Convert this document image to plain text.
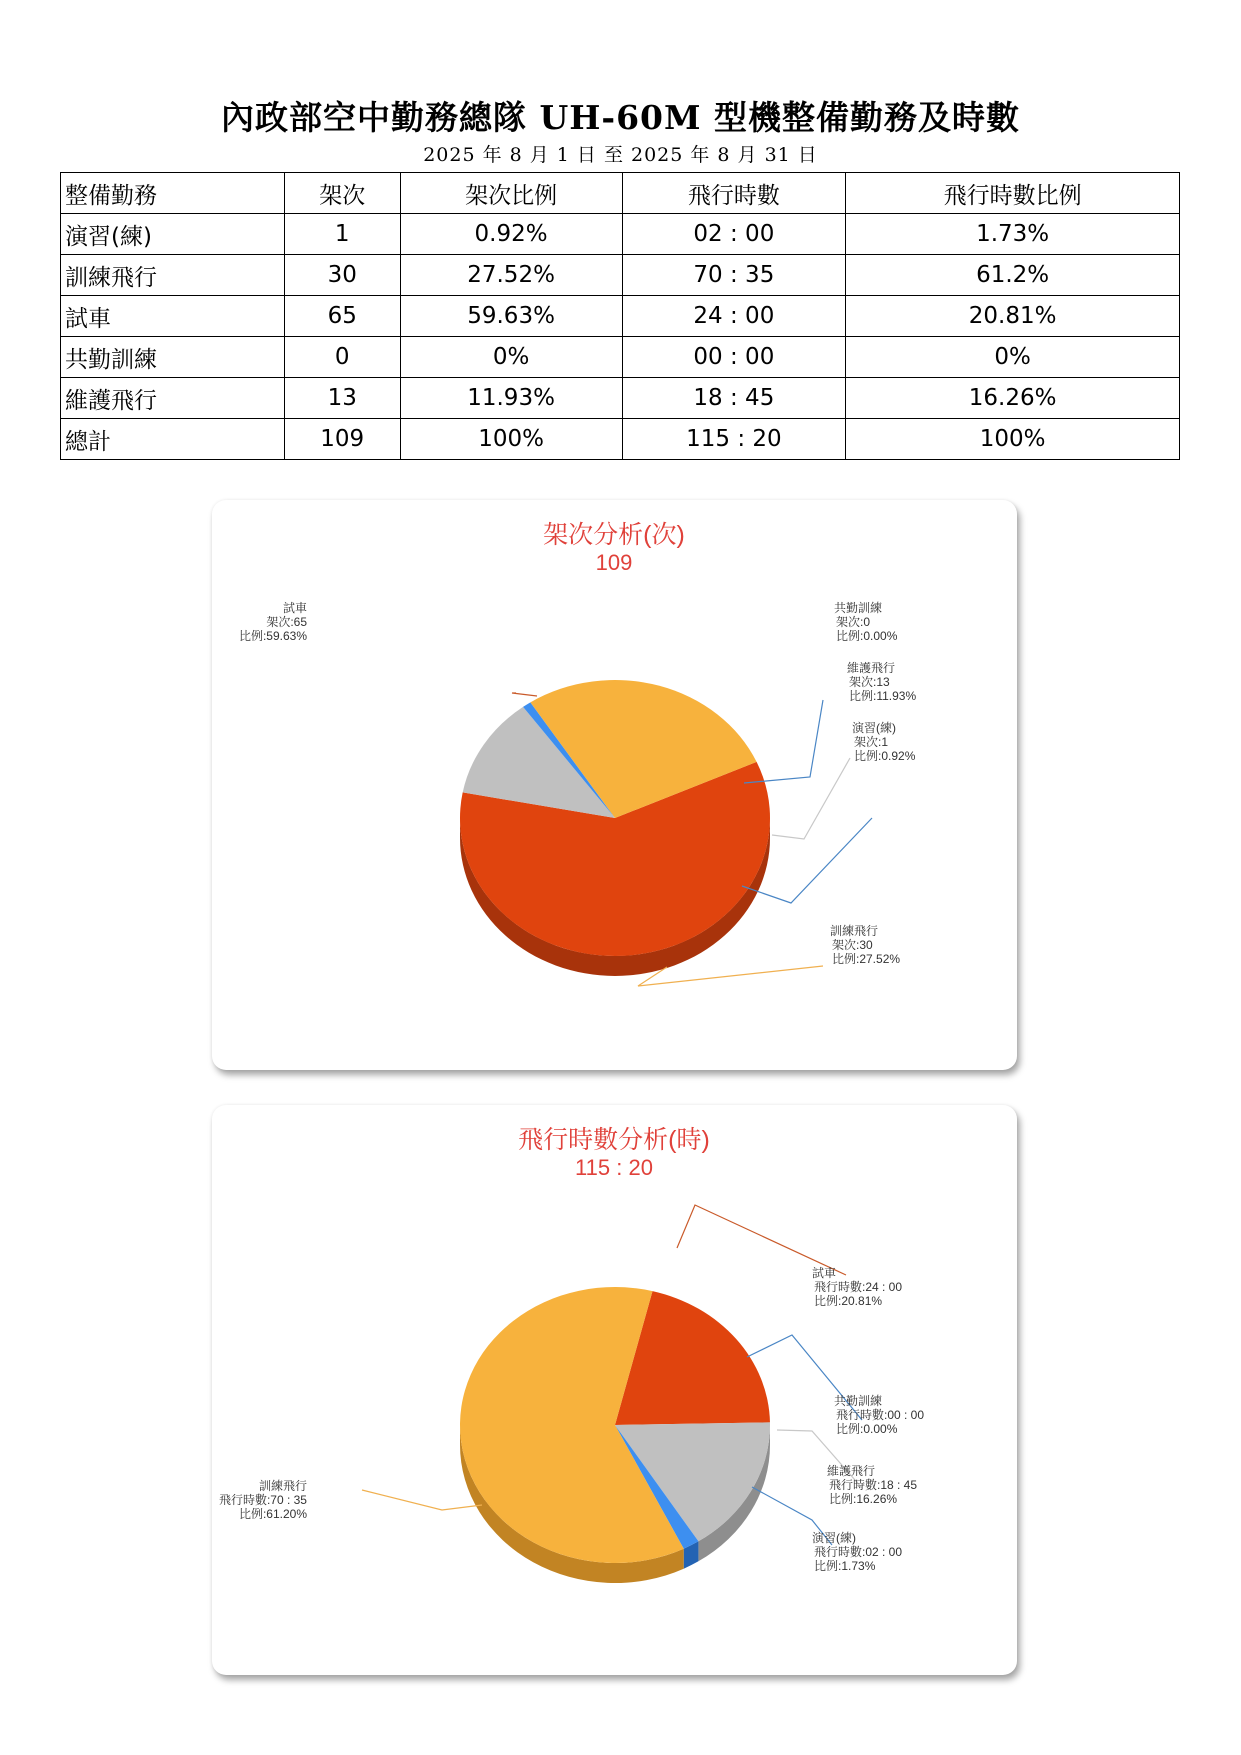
內政部空中勤務總隊 UH-60M 型機整備勤務及時數
2025 年 8 月 1 日 至 2025 年 8 月 31 日
整備勤務	架次	架次比例	飛行時數	飛行時數比例
演習(練)	1	0.92%	02 : 00	1.73%
訓練飛行	30	27.52%	70 : 35	61.2%
試車	65	59.63%	24 : 00	20.81%
共勤訓練	0	0%	00 : 00	0%
維護飛行	13	11.93%	18 : 45	16.26%
總計	109	100%	115 : 20	100%
架次分析(次)
109
試車
架次:65
比例:59.63%
共勤訓練
架次:0
比例:0.00%
維護飛行
架次:13
比例:11.93%
演習(練)
架次:1
比例:0.92%
訓練飛行
架次:30
比例:27.52%
飛行時數分析(時)
115 : 20
試車
飛行時數:24 : 00
比例:20.81%
共勤訓練
飛行時數:00 : 00
比例:0.00%
維護飛行
飛行時數:18 : 45
比例:16.26%
演習(練)
飛行時數:02 : 00
比例:1.73%
訓練飛行
飛行時數:70 : 35
比例:61.20%
